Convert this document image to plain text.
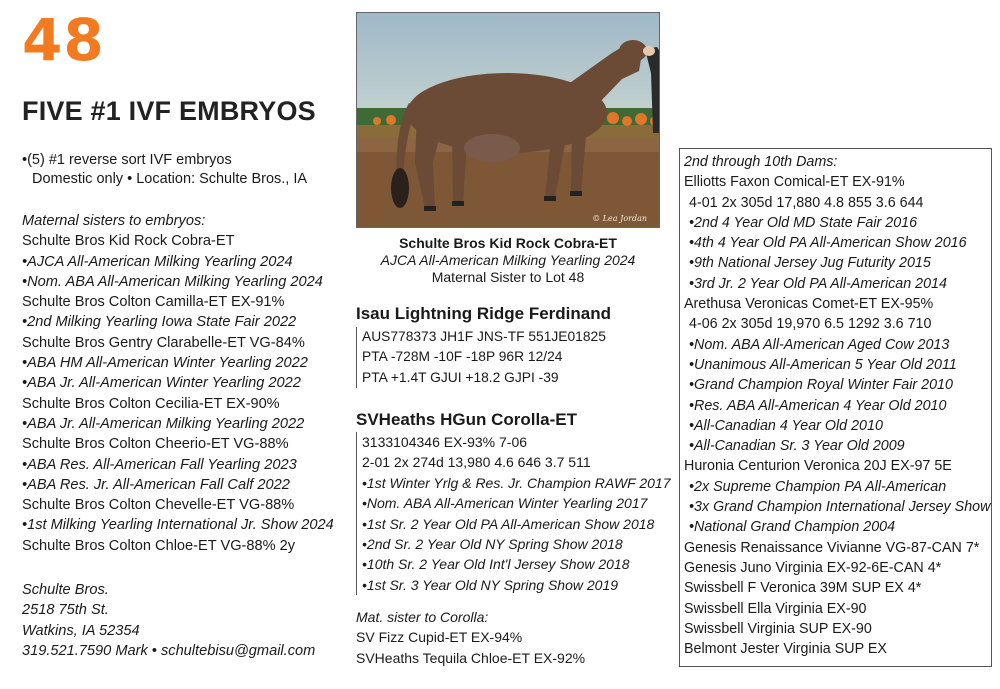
48
FIVE #1 IVF EMBRYOS
•(5) #1 reverse sort IVF embryos
Domestic only • Location: Schulte Bros., IA
Maternal sisters to embryos:
Schulte Bros Kid Rock Cobra-ET
•AJCA All-American Milking Yearling 2024
•Nom. ABA All-American Milking Yearling 2024
Schulte Bros Colton Camilla-ET EX-91%
•2nd Milking Yearling Iowa State Fair 2022
Schulte Bros Gentry Clarabelle-ET VG-84%
•ABA HM All-American Winter Yearling 2022
•ABA Jr. All-American Winter Yearling 2022
Schulte Bros Colton Cecilia-ET EX-90%
•ABA Jr. All-American Milking Yearling 2022
Schulte Bros Colton Cheerio-ET VG-88%
•ABA Res. All-American Fall Yearling 2023
•ABA Res. Jr. All-American Fall Calf 2022
Schulte Bros Colton Chevelle-ET VG-88%
•1st Milking Yearling International Jr. Show 2024
Schulte Bros Colton Chloe-ET VG-88% 2y
Schulte Bros.
2518 75th St.
Watkins, IA 52354
319.521.7590 Mark • schultebisu@gmail.com
© Lea Jordan
Schulte Bros Kid Rock Cobra-ET
AJCA All-American Milking Yearling 2024
Maternal Sister to Lot 48
Isau Lightning Ridge Ferdinand
AUS778373 JH1F JNS-TF 551JE01825
PTA -728M -10F -18P 96R 12/24
PTA +1.4T GJUI +18.2 GJPI -39
SVHeaths HGun Corolla-ET
3133104346 EX-93% 7-06
2-01 2x 274d 13,980 4.6 646 3.7 511
•1st Winter Yrlg & Res. Jr. Champion RAWF 2017
•Nom. ABA All-American Winter Yearling 2017
•1st Sr. 2 Year Old PA All-American Show 2018
•2nd Sr. 2 Year Old NY Spring Show 2018
•10th Sr. 2 Year Old Int'l Jersey Show 2018
•1st Sr. 3 Year Old NY Spring Show 2019
Mat. sister to Corolla:
SV Fizz Cupid-ET EX-94%
SVHeaths Tequila Chloe-ET EX-92%
2nd through 10th Dams:
Elliotts Faxon Comical-ET EX-91%
4-01 2x 305d 17,880 4.8 855 3.6 644
•2nd 4 Year Old MD State Fair 2016
•4th 4 Year Old PA All-American Show 2016
•9th National Jersey Jug Futurity 2015
•3rd Jr. 2 Year Old PA All-American 2014
Arethusa Veronicas Comet-ET EX-95%
4-06 2x 305d 19,970 6.5 1292 3.6 710
•Nom. ABA All-American Aged Cow 2013
•Unanimous All-American 5 Year Old 2011
•Grand Champion Royal Winter Fair 2010
•Res. ABA All-American 4 Year Old 2010
•All-Canadian 4 Year Old 2010
•All-Canadian Sr. 3 Year Old 2009
Huronia Centurion Veronica 20J EX-97 5E
•2x Supreme Champion PA All-American
•3x Grand Champion International Jersey Show
•National Grand Champion 2004
Genesis Renaissance Vivianne VG-87-CAN 7*
Genesis Juno Virginia EX-92-6E-CAN 4*
Swissbell F Veronica 39M SUP EX 4*
Swissbell Ella Virginia EX-90
Swissbell Virginia SUP EX-90
Belmont Jester Virginia SUP EX
